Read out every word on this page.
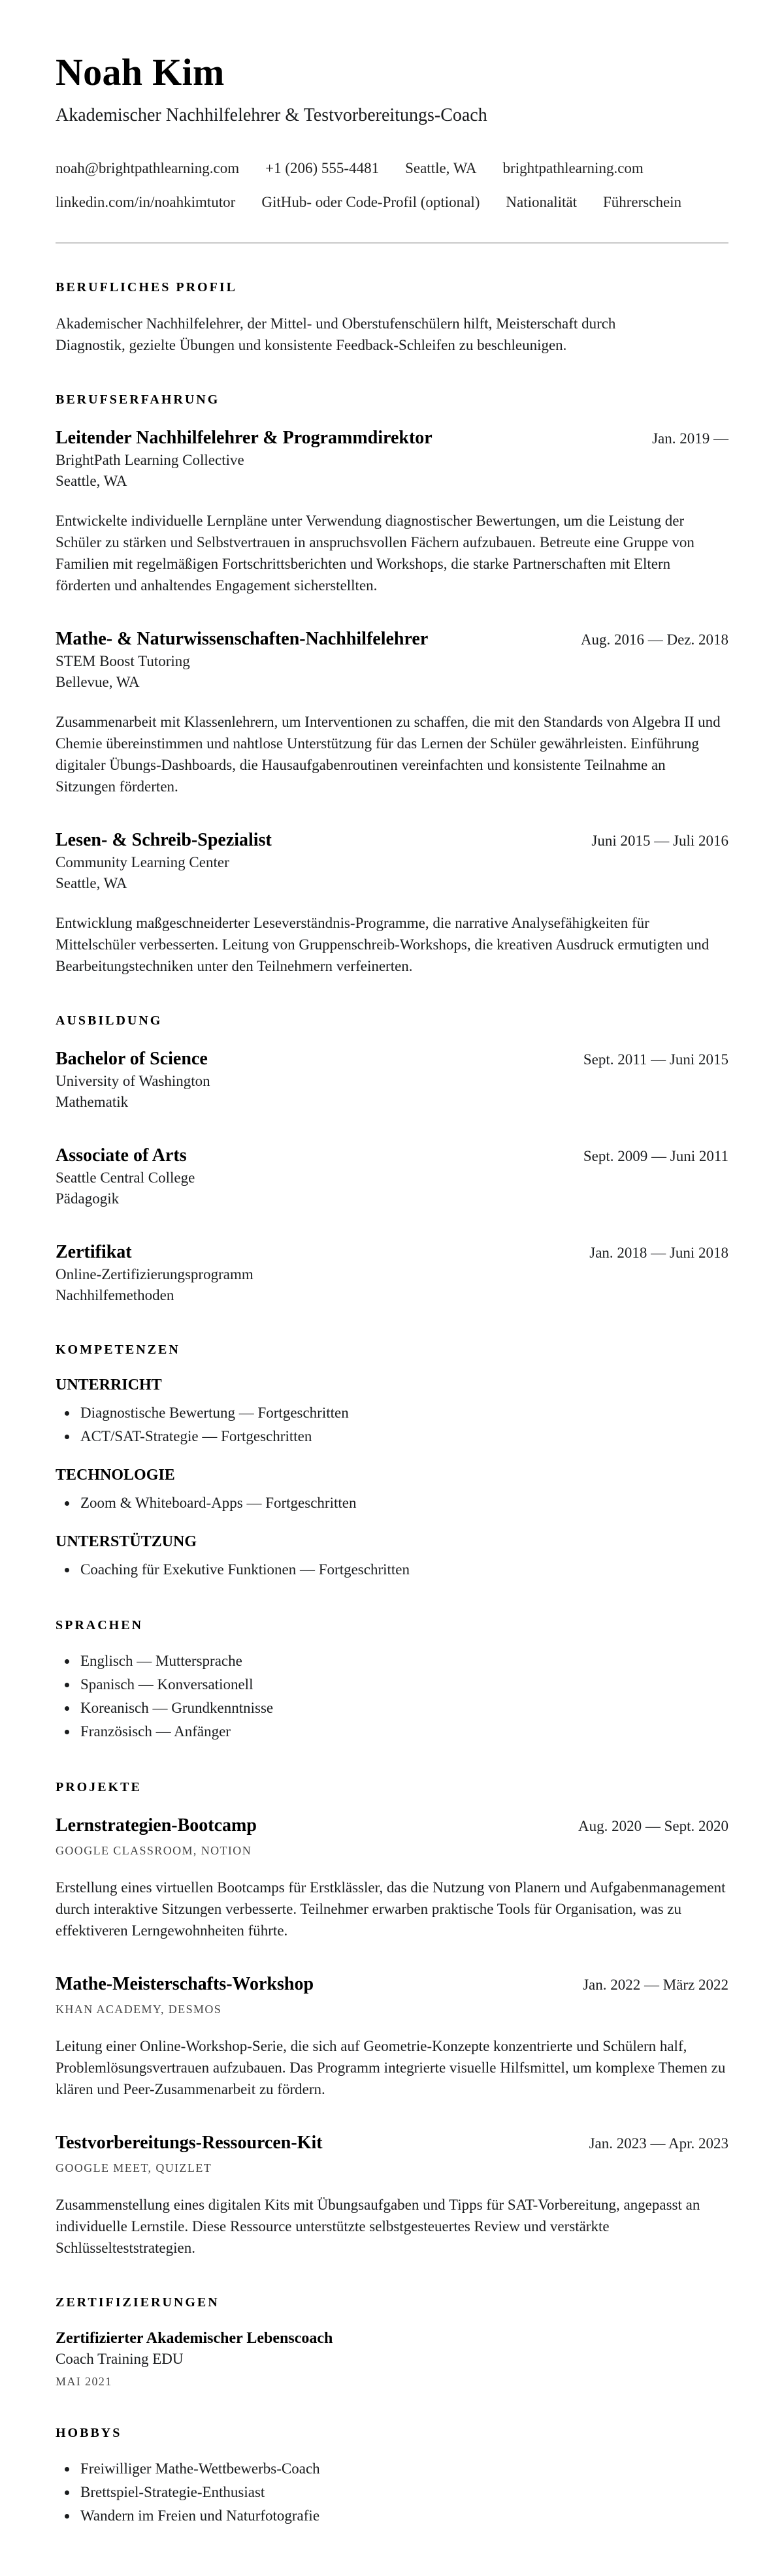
Noah Kim
Akademischer Nachhilfelehrer & Testvorbereitungs-Coach
noah@brightpathlearning.com +1 (206) 555-4481 Seattle, WA brightpathlearning.com
linkedin.com/in/noahkimtutor GitHub- oder Code-Profil (optional) Nationalität Führerschein
BERUFLICHES PROFIL

Akademischer Nachhilfelehrer, der Mittel- und Oberstufenschülern hilft, Meisterschaft durch Diagnostik, gezielte Übungen und konsistente Feedback-Schleifen zu beschleunigen.

BERUFSERFAHRUNG
Leitender Nachhilfelehrer & Programmdirektor	Jan. 2019 —
BrightPath Learning Collective
Seattle, WA

Entwickelte individuelle Lernpläne unter Verwendung diagnostischer Bewertungen, um die Leistung der Schüler zu stärken und Selbstvertrauen in anspruchsvollen Fächern aufzubauen. Betreute eine Gruppe von Familien mit regelmäßigen Fortschrittsberichten und Workshops, die starke Partnerschaften mit Eltern förderten und anhaltendes Engagement sicherstellten.

Mathe- & Naturwissenschaften-Nachhilfelehrer	Aug. 2016 — Dez. 2018
STEM Boost Tutoring
Bellevue, WA

Zusammenarbeit mit Klassenlehrern, um Interventionen zu schaffen, die mit den Standards von Algebra II und Chemie übereinstimmen und nahtlose Unterstützung für das Lernen der Schüler gewährleisten. Einführung digitaler Übungs-Dashboards, die Hausaufgabenroutinen vereinfachten und konsistente Teilnahme an Sitzungen förderten.

Lesen- & Schreib-Spezialist	Juni 2015 — Juli 2016
Community Learning Center
Seattle, WA

Entwicklung maßgeschneiderter Leseverständnis-Programme, die narrative Analysefähigkeiten für Mittelschüler verbesserten. Leitung von Gruppenschreib-Workshops, die kreativen Ausdruck ermutigten und Bearbeitungstechniken unter den Teilnehmern verfeinerten.

AUSBILDUNG
Bachelor of Science	Sept. 2011 — Juni 2015
University of Washington
Mathematik
Associate of Arts	Sept. 2009 — Juni 2011
Seattle Central College
Pädagogik
Zertifikat	Jan. 2018 — Juni 2018
Online-Zertifizierungsprogramm
Nachhilfemethoden
KOMPETENZEN
UNTERRICHT
• Diagnostische Bewertung — Fortgeschritten
• ACT/SAT-Strategie — Fortgeschritten
TECHNOLOGIE
• Zoom & Whiteboard-Apps — Fortgeschritten
UNTERSTÜTZUNG
• Coaching für Exekutive Funktionen — Fortgeschritten
SPRACHEN
• Englisch — Muttersprache
• Spanisch — Konversationell
• Koreanisch — Grundkenntnisse
• Französisch — Anfänger
PROJEKTE
Lernstrategien-Bootcamp	Aug. 2020 — Sept. 2020
GOOGLE CLASSROOM, NOTION

Erstellung eines virtuellen Bootcamps für Erstklässler, das die Nutzung von Planern und Aufgabenmanagement durch interaktive Sitzungen verbesserte. Teilnehmer erwarben praktische Tools für Organisation, was zu effektiveren Lerngewohnheiten führte.

Mathe-Meisterschafts-Workshop	Jan. 2022 — März 2022
KHAN ACADEMY, DESMOS

Leitung einer Online-Workshop-Serie, die sich auf Geometrie-Konzepte konzentrierte und Schülern half, Problemlösungsvertrauen aufzubauen. Das Programm integrierte visuelle Hilfsmittel, um komplexe Themen zu klären und Peer-Zusammenarbeit zu fördern.

Testvorbereitungs-Ressourcen-Kit	Jan. 2023 — Apr. 2023
GOOGLE MEET, QUIZLET

Zusammenstellung eines digitalen Kits mit Übungsaufgaben und Tipps für SAT-Vorbereitung, angepasst an individuelle Lernstile. Diese Ressource unterstützte selbstgesteuertes Review und verstärkte Schlüsselteststrategien.

ZERTIFIZIERUNGEN
Zertifizierter Akademischer Lebenscoach
Coach Training EDU
MAI 2021
HOBBYS
• Freiwilliger Mathe-Wettbewerbs-Coach
• Brettspiel-Strategie-Enthusiast
• Wandern im Freien und Naturfotografie
